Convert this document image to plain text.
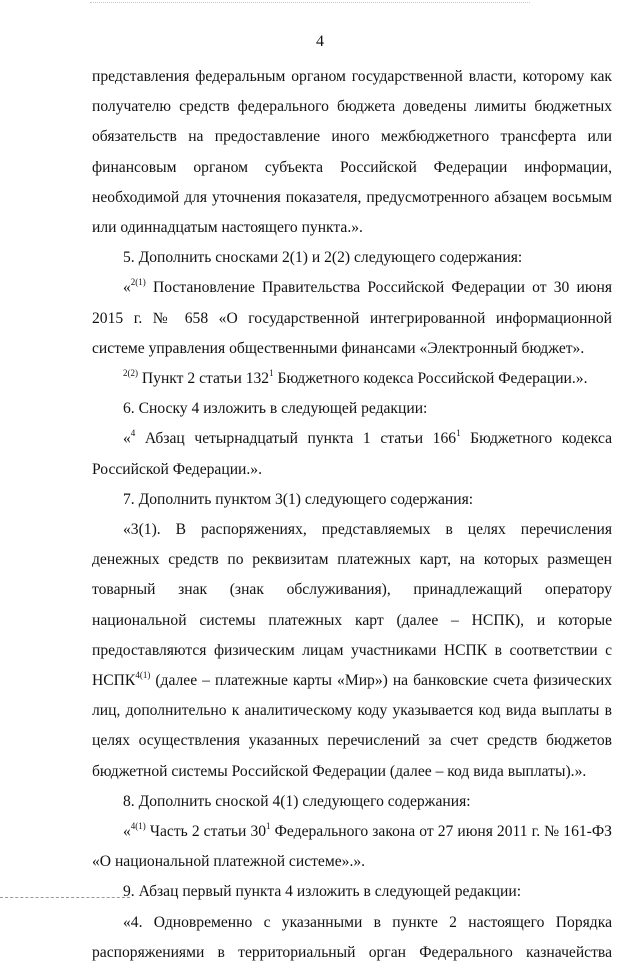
4

представления федеральным органом государственной власти, которому как получателю средств федерального бюджета доведены лимиты бюджетных обязательств на предоставление иного межбюджетного трансферта или финансовым органом субъекта Российской Федерации информации, необходимой для уточнения показателя, предусмотренного абзацем восьмым или одиннадцатым настоящего пункта.».

5. Дополнить сносками 2(1) и 2(2) следующего содержания:

«$^{2(1)}$ Постановление Правительства Российской Федерации от 30 июня 2015 г. № 658 «О государственной интегрированной информационной системе управления общественными финансами «Электронный бюджет».

$^{2(2)}$ Пункт 2 статьи $132^1$ Бюджетного кодекса Российской Федерации.».

6. Сноску 4 изложить в следующей редакции:

«$^4$ Абзац четырнадцатый пункта 1 статьи $166^1$ Бюджетного кодекса Российской Федерации.».

7. Дополнить пунктом 3(1) следующего содержания:

«3(1). В распоряжениях, представляемых в целях перечисления денежных средств по реквизитам платежных карт, на которых размещен товарный знак (знак обслуживания), принадлежащий оператору национальной системы платежных карт (далее – НСПК), и которые предоставляются физическим лицам участниками НСПК в соответствии с $НСПК^{4(1)}$ (далее – платежные карты «Мир») на банковские счета физических лиц, дополнительно к аналитическому коду указывается код вида выплаты в целях осуществления указанных перечислений за счет средств бюджетов бюджетной системы Российской Федерации (далее – код вида выплаты).».

8. Дополнить сноской 4(1) следующего содержания:

«$^{4(1)}$ Часть 2 статьи $30^1$ Федерального закона от 27 июня 2011 г. № 161-ФЗ «О национальной платежной системе».».

9. Абзац первый пункта 4 изложить в следующей редакции:

«4. Одновременно с указанными в пункте 2 настоящего Порядка распоряжениями в территориальный орган Федерального казначейства
